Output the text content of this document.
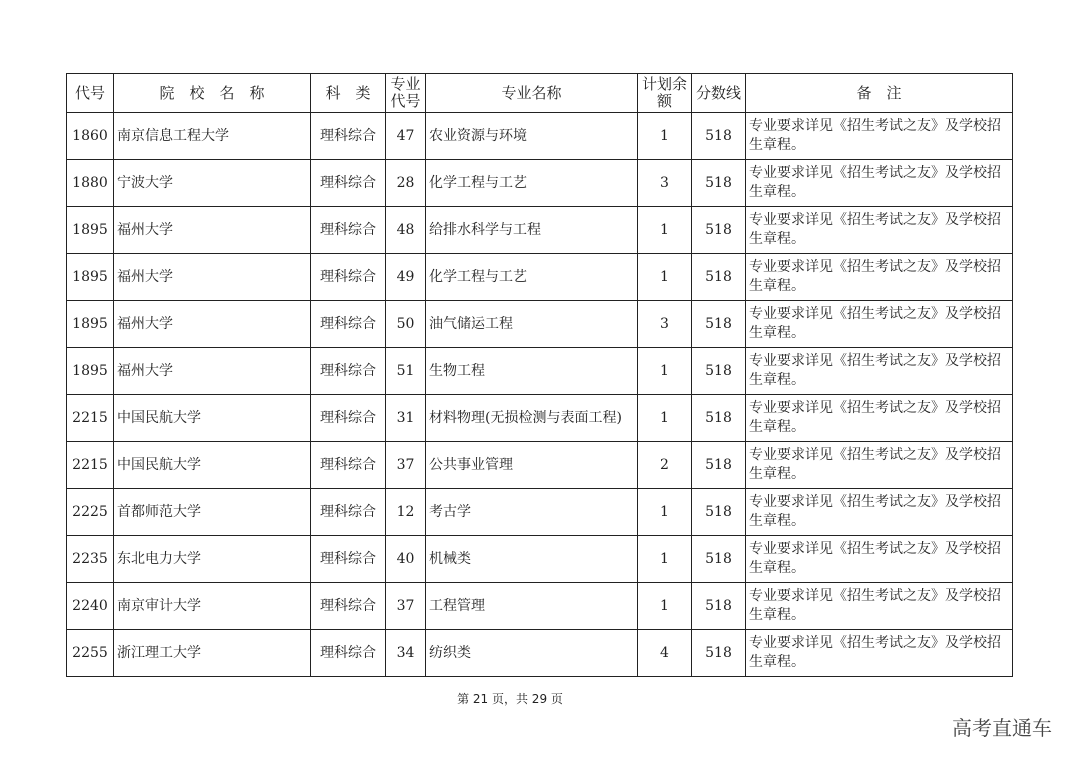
代号	院　校　名　称	科　类	专业代号	专业名称	计划余额	分数线	备　注
1860	南京信息工程大学	理科综合	47	农业资源与环境	1	518	专业要求详见《招生考试之友》及学校招生章程。
1880	宁波大学	理科综合	28	化学工程与工艺	3	518	专业要求详见《招生考试之友》及学校招生章程。
1895	福州大学	理科综合	48	给排水科学与工程	1	518	专业要求详见《招生考试之友》及学校招生章程。
1895	福州大学	理科综合	49	化学工程与工艺	1	518	专业要求详见《招生考试之友》及学校招生章程。
1895	福州大学	理科综合	50	油气储运工程	3	518	专业要求详见《招生考试之友》及学校招生章程。
1895	福州大学	理科综合	51	生物工程	1	518	专业要求详见《招生考试之友》及学校招生章程。
2215	中国民航大学	理科综合	31	材料物理(无损检测与表面工程)	1	518	专业要求详见《招生考试之友》及学校招生章程。
2215	中国民航大学	理科综合	37	公共事业管理	2	518	专业要求详见《招生考试之友》及学校招生章程。
2225	首都师范大学	理科综合	12	考古学	1	518	专业要求详见《招生考试之友》及学校招生章程。
2235	东北电力大学	理科综合	40	机械类	1	518	专业要求详见《招生考试之友》及学校招生章程。
2240	南京审计大学	理科综合	37	工程管理	1	518	专业要求详见《招生考试之友》及学校招生章程。
2255	浙江理工大学	理科综合	34	纺织类	4	518	专业要求详见《招生考试之友》及学校招生章程。
第 21 页，共 29 页
高考直通车
